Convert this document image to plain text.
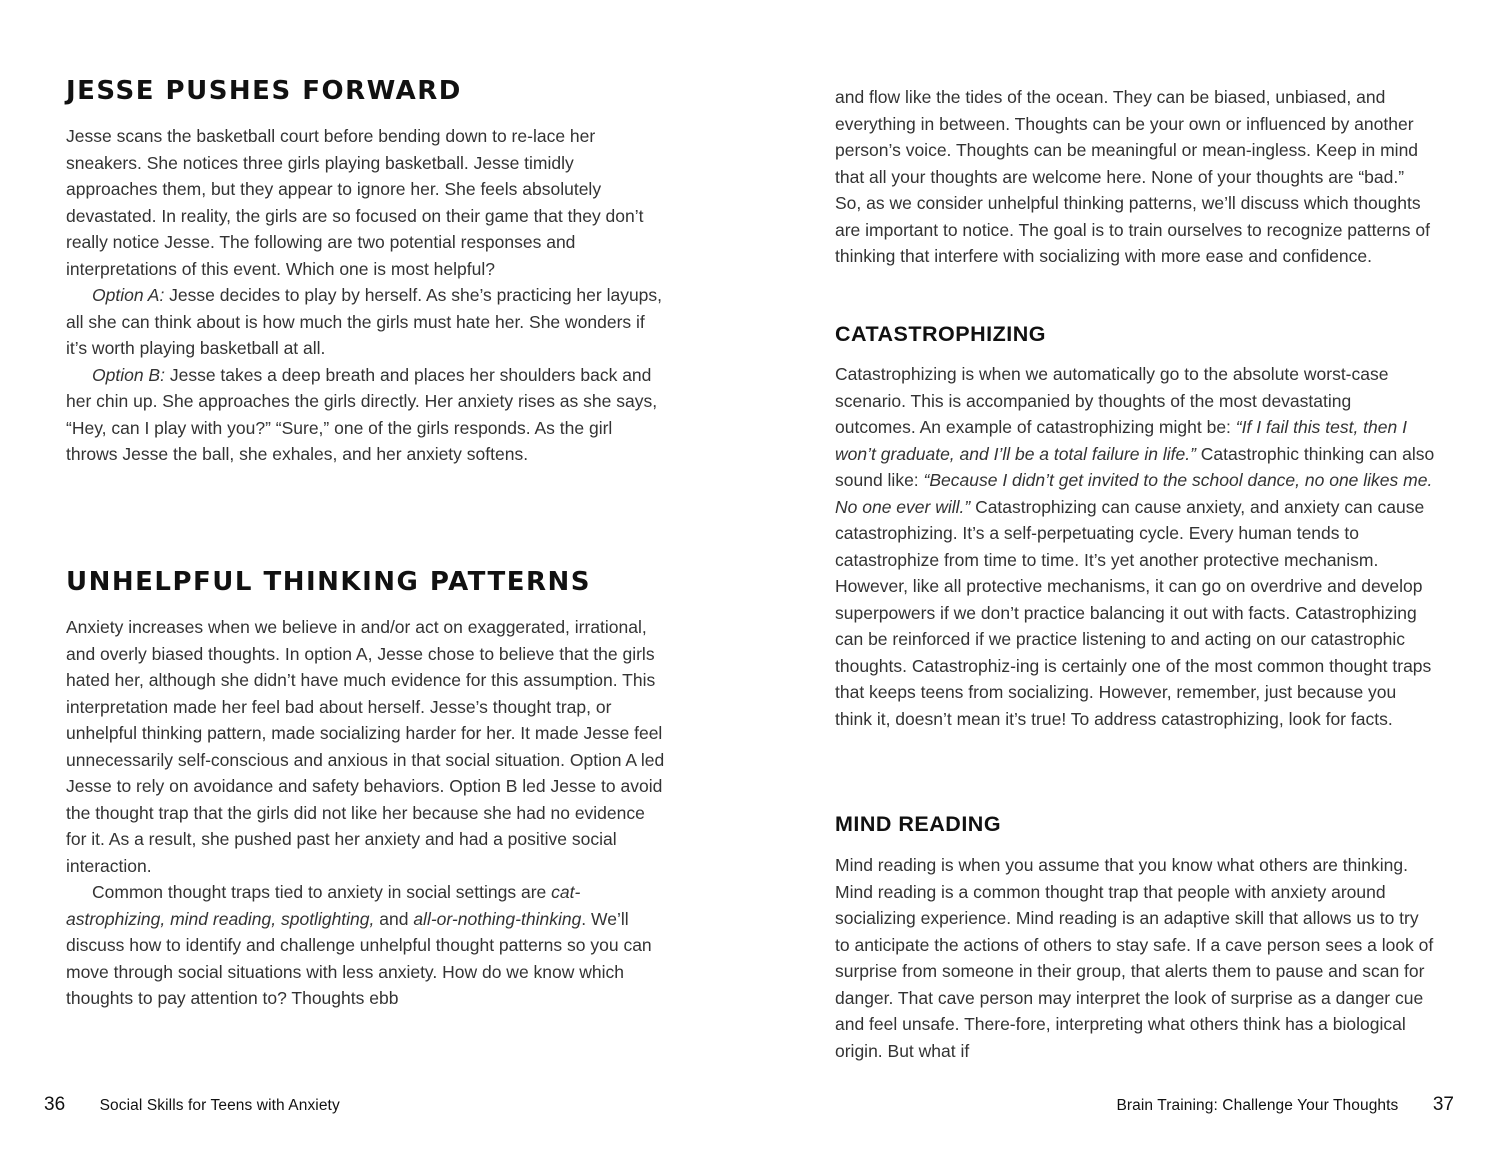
JESSE PUSHES FORWARD

Jesse scans the basketball court before bending down to re-lace her sneakers. She notices three girls playing basketball. Jesse timidly approaches them, but they appear to ignore her. She feels absolutely devastated. In reality, the girls are so focused on their game that they don’t really notice Jesse. The following are two potential responses and interpretations of this event. Which one is most helpful?

Option A: Jesse decides to play by herself. As she’s practicing her layups, all she can think about is how much the girls must hate her. She wonders if it’s worth playing basketball at all.

Option B: Jesse takes a deep breath and places her shoulders back and her chin up. She approaches the girls directly. Her anxiety rises as she says, “Hey, can I play with you?” “Sure,” one of the girls responds. As the girl throws Jesse the ball, she exhales, and her anxiety softens.

UNHELPFUL THINKING PATTERNS

Anxiety increases when we believe in and/or act on exaggerated, irrational, and overly biased thoughts. In option A, Jesse chose to believe that the girls hated her, although she didn’t have much evidence for this assumption. This interpretation made her feel bad about herself. Jesse’s thought trap, or unhelpful thinking pattern, made socializing harder for her. It made Jesse feel unnecessarily self-conscious and anxious in that social situation. Option A led Jesse to rely on avoidance and safety behaviors. Option B led Jesse to avoid the thought trap that the girls did not like her because she had no evidence for it. As a result, she pushed past her anxiety and had a positive social interaction.

Common thought traps tied to anxiety in social settings are cat-astrophizing, mind reading, spotlighting, and all-or-nothing-thinking. We’ll discuss how to identify and challenge unhelpful thought patterns so you can move through social situations with less anxiety. How do we know which thoughts to pay attention to? Thoughts ebb

36 Social Skills for Teens with Anxiety

and flow like the tides of the ocean. They can be biased, unbiased, and everything in between. Thoughts can be your own or influenced by another person’s voice. Thoughts can be meaningful or mean-ingless. Keep in mind that all your thoughts are welcome here. None of your thoughts are “bad.” So, as we consider unhelpful thinking patterns, we’ll discuss which thoughts are important to notice. The goal is to train ourselves to recognize patterns of thinking that interfere with socializing with more ease and confidence.

CATASTROPHIZING

Catastrophizing is when we automatically go to the absolute worst-case scenario. This is accompanied by thoughts of the most devastating outcomes. An example of catastrophizing might be: “If I fail this test, then I won’t graduate, and I’ll be a total failure in life.” Catastrophic thinking can also sound like: “Because I didn’t get invited to the school dance, no one likes me. No one ever will.” Catastrophizing can cause anxiety, and anxiety can cause catastrophizing. It’s a self-perpetuating cycle. Every human tends to catastrophize from time to time. It’s yet another protective mechanism. However, like all protective mechanisms, it can go on overdrive and develop superpowers if we don’t practice balancing it out with facts. Catastrophizing can be reinforced if we practice listening to and acting on our catastrophic thoughts. Catastrophiz-ing is certainly one of the most common thought traps that keeps teens from socializing. However, remember, just because you think it, doesn’t mean it’s true! To address catastrophizing, look for facts.

MIND READING

Mind reading is when you assume that you know what others are thinking. Mind reading is a common thought trap that people with anxiety around socializing experience. Mind reading is an adaptive skill that allows us to try to anticipate the actions of others to stay safe. If a cave person sees a look of surprise from someone in their group, that alerts them to pause and scan for danger. That cave person may interpret the look of surprise as a danger cue and feel unsafe. There-fore, interpreting what others think has a biological origin. But what if

Brain Training: Challenge Your Thoughts 37
